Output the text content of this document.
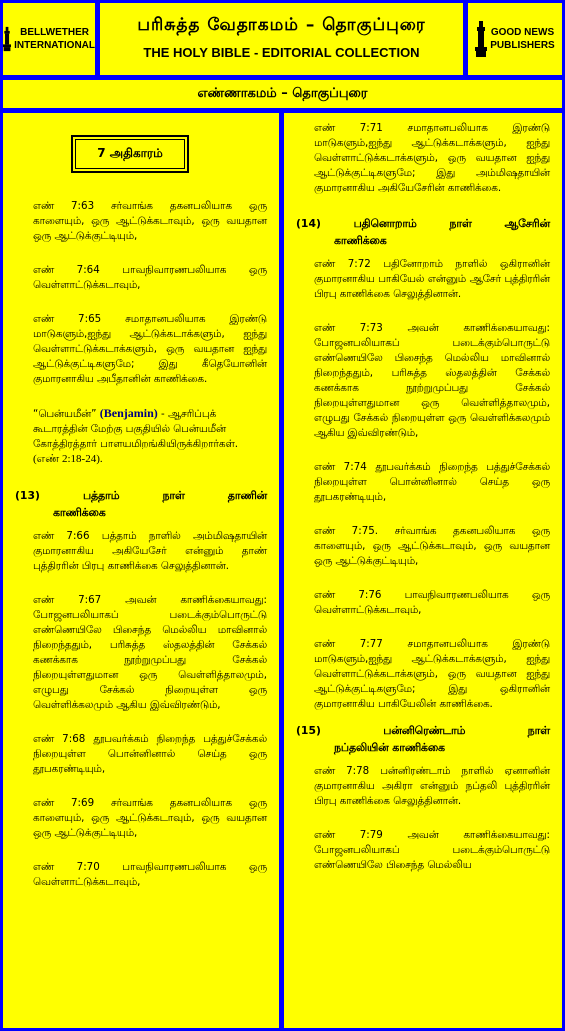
BELLWETHER
INTERNATIONAL
பரிசுத்த வேதாகமம் – தொகுப்புரை
THE HOLY BIBLE - EDITORIAL COLLECTION
GOOD NEWS
PUBLISHERS
எண்ணாகமம் – தொகுப்புரை
7 அதிகாரம்
எண் 7:63 சர்வாங்க தகனபலியாக ஒரு காளையும், ஒரு ஆட்டுக்கடாவும், ஒரு வயதான ஒரு ஆட்டுக்குட்டியும்,
எண் 7:64 பாவநிவாரணபலியாக ஒரு வெள்ளாட்டுக்கடாவும்,
எண் 7:65 சமாதானபலியாக இரண்டு மாடுகளும்,ஐந்து ஆட்டுக்கடாக்களும், ஐந்து வெள்ளாட்டுக்கடாக்களும், ஒரு வயதான ஐந்து ஆட்டுக்குட்டிகளுமே; இது கீதெயோனின் குமாரனாகிய அபீதானின் காணிக்கை.
“பென்யமீன்” (Benjamin) - ஆசரிப்புக் கூடாரத்தின் மேற்கு பகுதியில் பென்யமீன் கோத்திரத்தார் பாளயமிறங்கியிருக்கிறார்கள். (எண் 2:18-24).
(13)	பத்தாம்	நாள்	தாணின்
காணிக்கை
எண் 7:66 பத்தாம் நாளில் அம்மிஷதாயின் குமாரனாகிய அகியேசேர் என்னும் தாண் புத்திரரின் பிரபு காணிக்கை செலுத்தினான்.
எண் 7:67 அவன் காணிக்கையாவது: போஜனபலியாகப் படைக்கும்பொருட்டு எண்ணெயிலே பிசைந்த மெல்லிய மாவினால் நிறைந்ததும், பரிசுத்த ஸ்தலத்தின் சேக்கல் கணக்காக நூற்றுமுப்பது சேக்கல் நிறையுள்ளதுமான ஒரு வெள்ளித்தாலமும், எழுபது சேக்கல் நிறையுள்ள ஒரு வெள்ளிக்கலமும் ஆகிய இவ்விரண்டும்,
எண் 7:68 தூபவர்க்கம் நிறைந்த பத்துச்சேக்கல் நிறையுள்ள பொன்னினால் செய்த ஒரு தூபகரண்டியும்,
எண் 7:69 சர்வாங்க தகனபலியாக ஒரு காளையும், ஒரு ஆட்டுக்கடாவும், ஒரு வயதான ஒரு ஆட்டுக்குட்டியும்,
எண் 7:70 பாவநிவாரணபலியாக ஒரு வெள்ளாட்டுக்கடாவும்,
எண் 7:71 சமாதானபலியாக இரண்டு மாடுகளும்,ஐந்து ஆட்டுக்கடாக்களும், ஐந்து வெள்ளாட்டுக்கடாக்களும், ஒரு வயதான ஐந்து ஆட்டுக்குட்டிகளுமே; இது அம்மிஷதாயின் குமாரனாகிய அகியேசேரின் காணிக்கை.
(14)	பதினொறாம்	நாள்	ஆசேரின்
காணிக்கை
எண் 7:72 பதினோறாம் நாளில் ஒகிரானின் குமாரனாகிய பாகியேல் என்னும் ஆசேர் புத்திரரின் பிரபு காணிக்கை செலுத்தினான்.
எண் 7:73 அவன் காணிக்கையாவது: போஜனபலியாகப் படைக்கும்பொருட்டு எண்ணெயிலே பிசைந்த மெல்லிய மாவினால் நிறைந்ததும், பரிசுத்த ஸ்தலத்தின் சேக்கல் கணக்காக நூற்றுமுப்பது சேக்கல் நிறையுள்ளதுமான ஒரு வெள்ளித்தாலமும், எழுபது சேக்கல் நிறையுள்ள ஒரு வெள்ளிக்கலமும் ஆகிய இவ்விரண்டும்,
எண் 7:74 தூபவர்க்கம் நிறைந்த பத்துச்சேக்கல் நிறையுள்ள பொன்னினால் செய்த ஒரு தூபகரண்டியும்,
எண் 7:75. சர்வாங்க தகனபலியாக ஒரு காளையும், ஒரு ஆட்டுக்கடாவும், ஒரு வயதான ஒரு ஆட்டுக்குட்டியும்,
எண் 7:76 பாவநிவாரணபலியாக ஒரு வெள்ளாட்டுக்கடாவும்,
எண் 7:77 சமாதானபலியாக இரண்டு மாடுகளும்,ஐந்து ஆட்டுக்கடாக்களும், ஐந்து வெள்ளாட்டுக்கடாக்களும், ஒரு வயதான ஐந்து ஆட்டுக்குட்டிகளுமே; இது ஒகிரானின் குமாரனாகிய பாகியேலின் காணிக்கை.
(15)	பன்னிரெண்டாம்	நாள்
நப்தலியின் காணிக்கை
எண் 7:78 பன்னிரண்டாம் நாளில் ஏனானின் குமாரனாகிய அகிரா என்னும் நப்தலி புத்திரரின் பிரபு காணிக்கை செலுத்தினான்.
எண் 7:79 அவன் காணிக்கையாவது: போஜனபலியாகப் படைக்கும்பொருட்டு எண்ணெயிலே பிசைந்த மெல்லிய
